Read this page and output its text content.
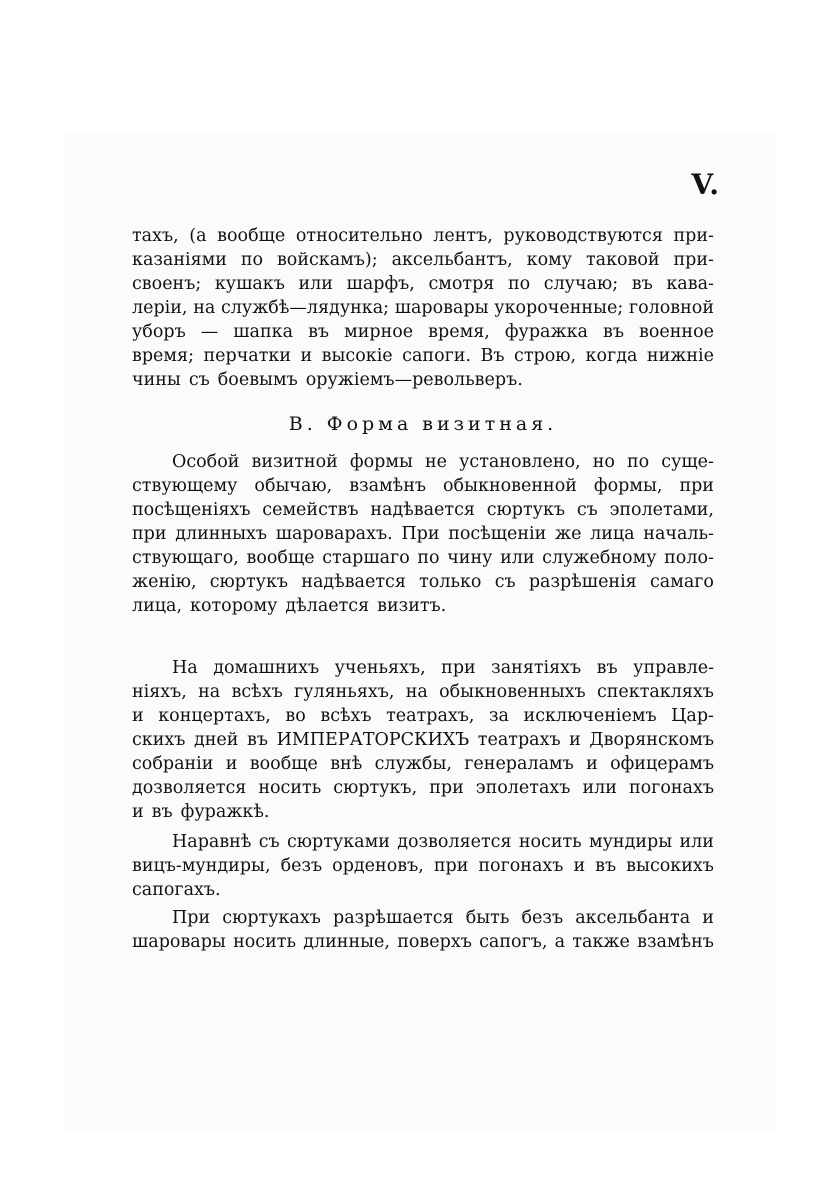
V.
тахъ, (а вообще относительно лентъ, руководствуются при-
казаніями по войскамъ); аксельбантъ, кому таковой при-
своенъ; кушакъ или шарфъ, смотря по случаю; въ кава-
леріи, на службѣ—лядунка; шаровары укороченные; головной
уборъ — шапка въ мирное время, фуражка въ военное
время; перчатки и высокіе сапоги. Въ строю, когда нижніе
чины съ боевымъ оружіемъ—револьверъ.
В. Форма визитная.
Особой визитной формы не установлено, но по суще-
ствующему обычаю, взамѣнъ обыкновенной формы, при
посѣщеніяхъ семействъ надѣвается сюртукъ съ эполетами,
при длинныхъ шароварахъ. При посѣщеніи же лица началь-
ствующаго, вообще старшаго по чину или служебному поло-
женію, сюртукъ надѣвается только съ разрѣшенія самаго
лица, которому дѣлается визитъ.
На домашнихъ ученьяхъ, при занятіяхъ въ управле-
ніяхъ, на всѣхъ гуляньяхъ, на обыкновенныхъ спектакляхъ
и концертахъ, во всѣхъ театрахъ, за исключеніемъ Цар-
скихъ дней въ ИМПЕРАТОРСКИХЪ театрахъ и Дворянскомъ
собраніи и вообще внѣ службы, генераламъ и офицерамъ
дозволяется носить сюртукъ, при эполетахъ или погонахъ
и въ фуражкѣ.
Наравнѣ съ сюртуками дозволяется носить мундиры или
вицъ-мундиры, безъ орденовъ, при погонахъ и въ высокихъ
сапогахъ.
При сюртукахъ разрѣшается быть безъ аксельбанта и
шаровары носить длинные, поверхъ сапогъ, а также взамѣнъ
